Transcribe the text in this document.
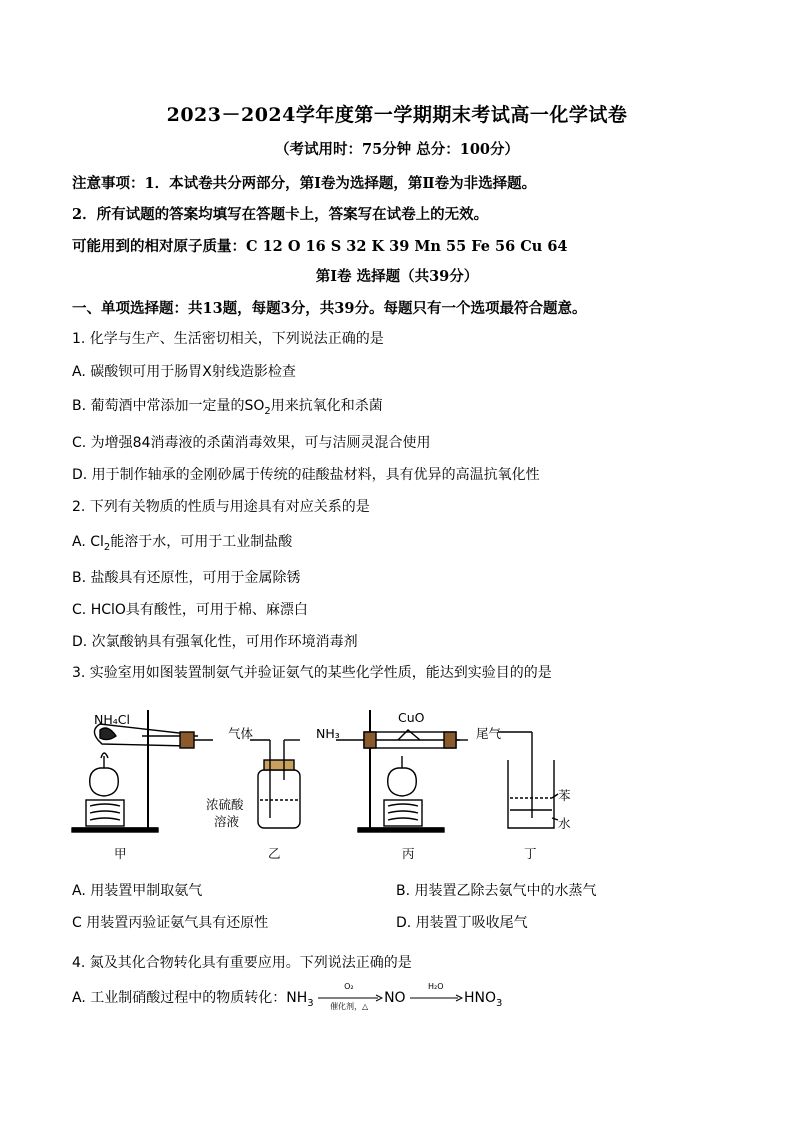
2023－2024学年度第一学期期末考试高一化学试卷
（考试用时：75分钟 总分：100分）
注意事项：1．本试卷共分两部分，第Ⅰ卷为选择题，第Ⅱ卷为非选择题。
2．所有试题的答案均填写在答题卡上，答案写在试卷上的无效。
可能用到的相对原子质量：C 12 O 16 S 32 K 39 Mn 55 Fe 56 Cu 64
第Ⅰ卷 选择题（共39分）
一、单项选择题：共13题，每题3分，共39分。每题只有一个选项最符合题意。
1. 化学与生产、生活密切相关，下列说法正确的是
A. 碳酸钡可用于肠胃X射线造影检查
B. 葡萄酒中常添加一定量的$SO_2$用来抗氧化和杀菌
C. 为增强84消毒液的杀菌消毒效果，可与洁厕灵混合使用
D. 用于制作轴承的金刚砂属于传统的硅酸盐材料，具有优异的高温抗氧化性
2. 下列有关物质的性质与用途具有对应关系的是
A. $Cl_2$能溶于水，可用于工业制盐酸
B. 盐酸具有还原性，可用于金属除锈
C. HClO具有酸性，可用于棉、麻漂白
D. 次氯酸钠具有强氧化性，可用作环境消毒剂
3. 实验室用如图装置制氨气并验证氨气的某些化学性质，能达到实验目的的是
NH₄Cl
气体
浓硫酸
溶液
NH₃
CuO
尾气
苯
水
甲	乙	丙	丁
A. 用装置甲制取氨气	B. 用装置乙除去氨气中的水蒸气
C 用装置丙验证氨气具有还原性	D. 用装置丁吸收尾气
4. 氮及其化合物转化具有重要应用。下列说法正确的是
A. 工业制硝酸过程中的物质转化：$NH_3$
O₂
催化剂，△
NO
H₂O
$HNO_3$
